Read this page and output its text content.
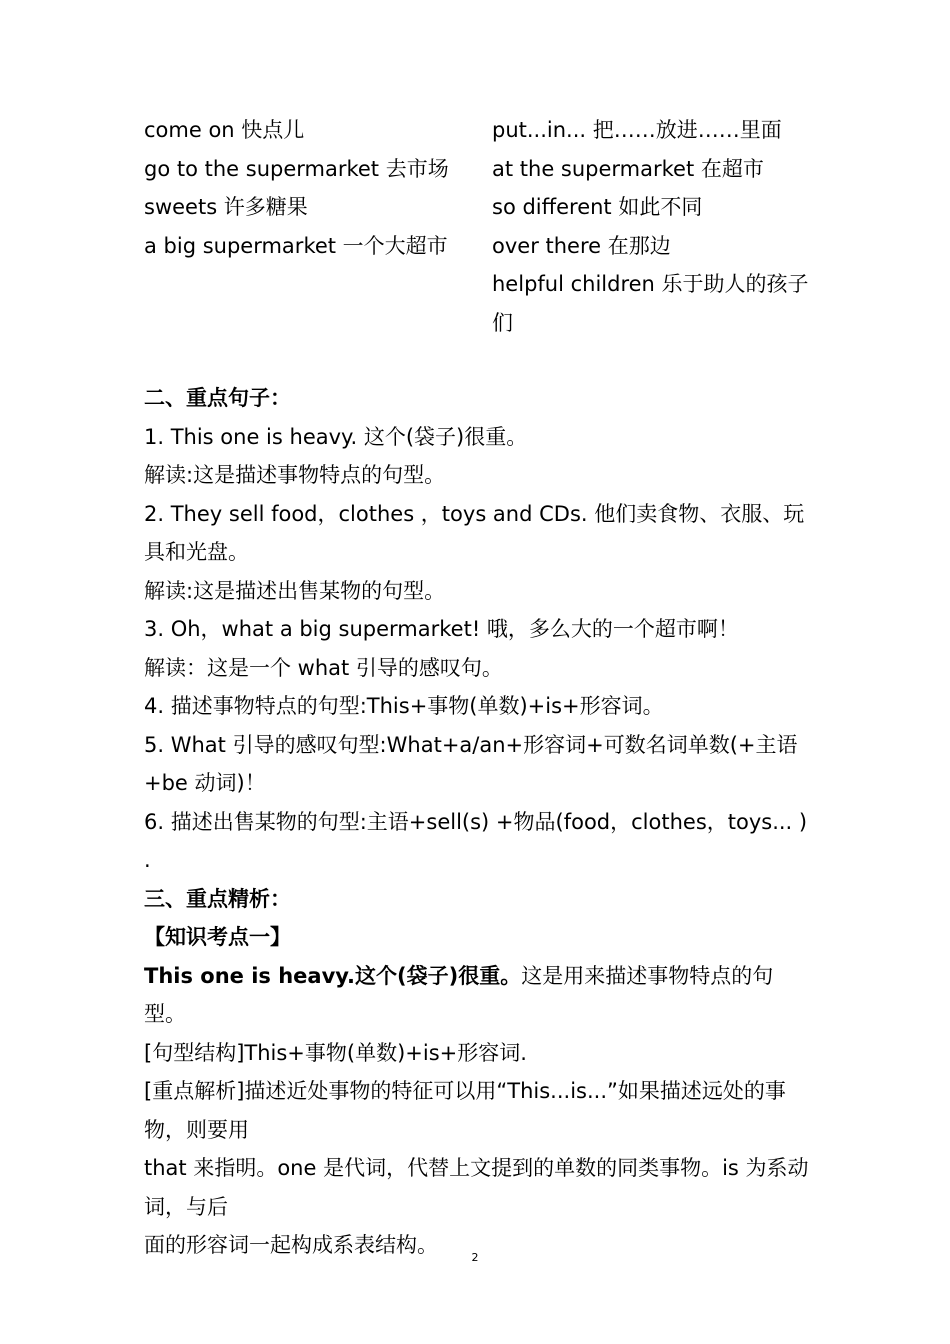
come on 快点儿
go to the supermarket 去市场
sweets 许多糖果
a big supermarket 一个大超市
put...in... 把……放进……里面
at the supermarket 在超市
so different 如此不同
over there 在那边
helpful children 乐于助人的孩子们

二、重点句子：

1. This one is heavy. 这个(袋子)很重。

解读:这是描述事物特点的句型。

2. They sell food，clothes ，toys and CDs. 他们卖食物、衣服、玩具和光盘。

解读:这是描述出售某物的句型。

3. Oh，what a big supermarket! 哦，多么大的一个超市啊！

解读：这是一个 what 引导的感叹句。

4. 描述事物特点的句型:This+事物(单数)+is+形容词。

5. What 引导的感叹句型:What+a/an+形容词+可数名词单数(+主语+be 动词)！

6. 描述出售某物的句型:主语+sell(s) +物品(food，clothes，toys... ) .

三、重点精析：

【知识考点一】

This one is heavy.这个(袋子)很重。这是用来描述事物特点的句型。

[句型结构]This+事物(单数)+is+形容词.

[重点解析]描述近处事物的特征可以用“This...is...”如果描述远处的事物，则要用

that 来指明。one 是代词，代替上文提到的单数的同类事物。is 为系动词，与后

面的形容词一起构成系表结构。

2
